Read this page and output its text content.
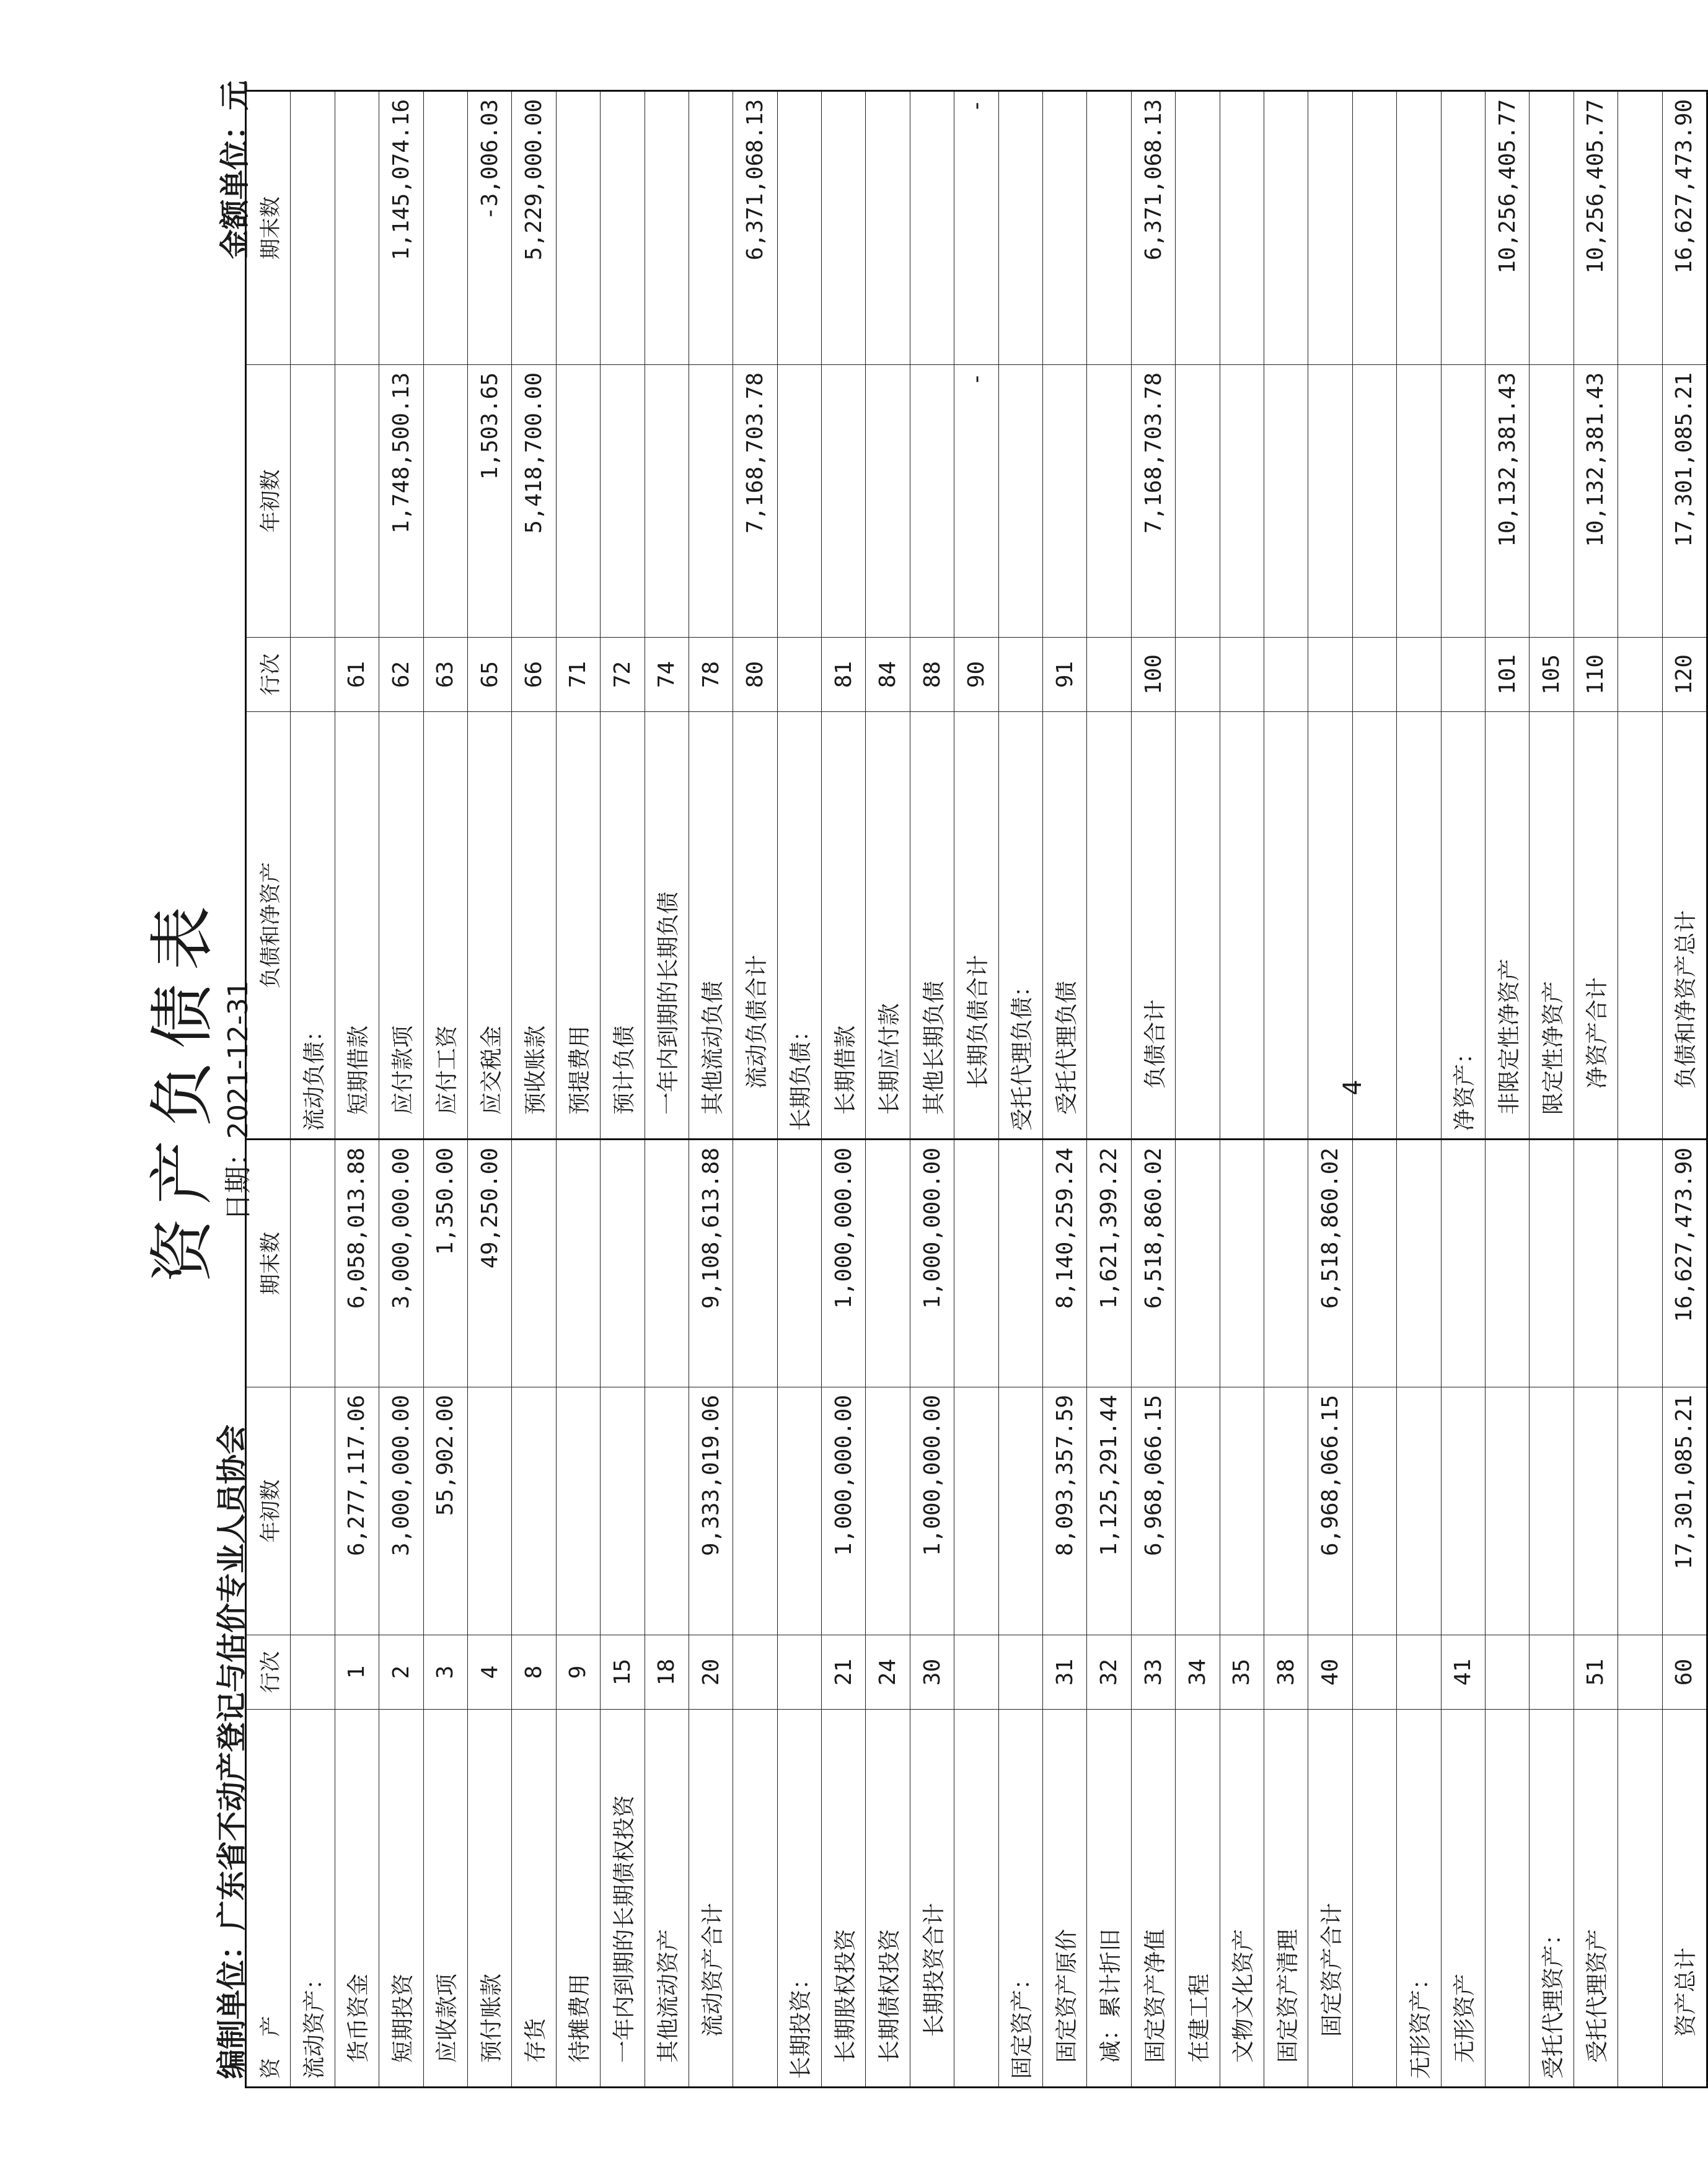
资产负债表
编制单位：广东省不动产登记与估价专业人员协会
日期：2021-12-31
金额单位：元
资　产	行次	年初数	期末数	负债和净资产	行次	年初数	期末数
流动资产：				流动负债：			
货币资金	1	6,277,117.06	6,058,013.88	短期借款	61		
短期投资	2	3,000,000.00	3,000,000.00	应付款项	62	1,748,500.13	1,145,074.16
应收款项	3	55,902.00	1,350.00	应付工资	63		
预付账款	4		49,250.00	应交税金	65	1,503.65	-3,006.03
存货	8			预收账款	66	5,418,700.00	5,229,000.00
待摊费用	9			预提费用	71		
一年内到期的长期债权投资	15			预计负债	72		
其他流动资产	18			一年内到期的长期负债	74		
流动资产合计	20	9,333,019.06	9,108,613.88	其他流动负债	78		
				流动负债合计	80	7,168,703.78	6,371,068.13
长期投资：				长期负债：			
长期股权投资	21	1,000,000.00	1,000,000.00	长期借款	81		
长期债权投资	24			长期应付款	84		
长期投资合计	30	1,000,000.00	1,000,000.00	其他长期负债	88		
				长期负债合计	90	-	-
固定资产：				受托代理负债：			
固定资产原价	31	8,093,357.59	8,140,259.24	受托代理负债	91		
减：累计折旧	32	1,125,291.44	1,621,399.22				
固定资产净值	33	6,968,066.15	6,518,860.02	负债合计	100	7,168,703.78	6,371,068.13
在建工程	34						
文物文化资产	35						
固定资产清理	38						
固定资产合计	40	6,968,066.15	6,518,860.02				

无形资产：							
无形资产	41			净资产：			
				非限定性净资产	101	10,132,381.43	10,256,405.77
受托代理资产：				限定性净资产	105		
受托代理资产	51			净资产合计	110	10,132,381.43	10,256,405.77

资产总计	60	17,301,085.21	16,627,473.90	负债和净资产总计	120	17,301,085.21	16,627,473.90
4
